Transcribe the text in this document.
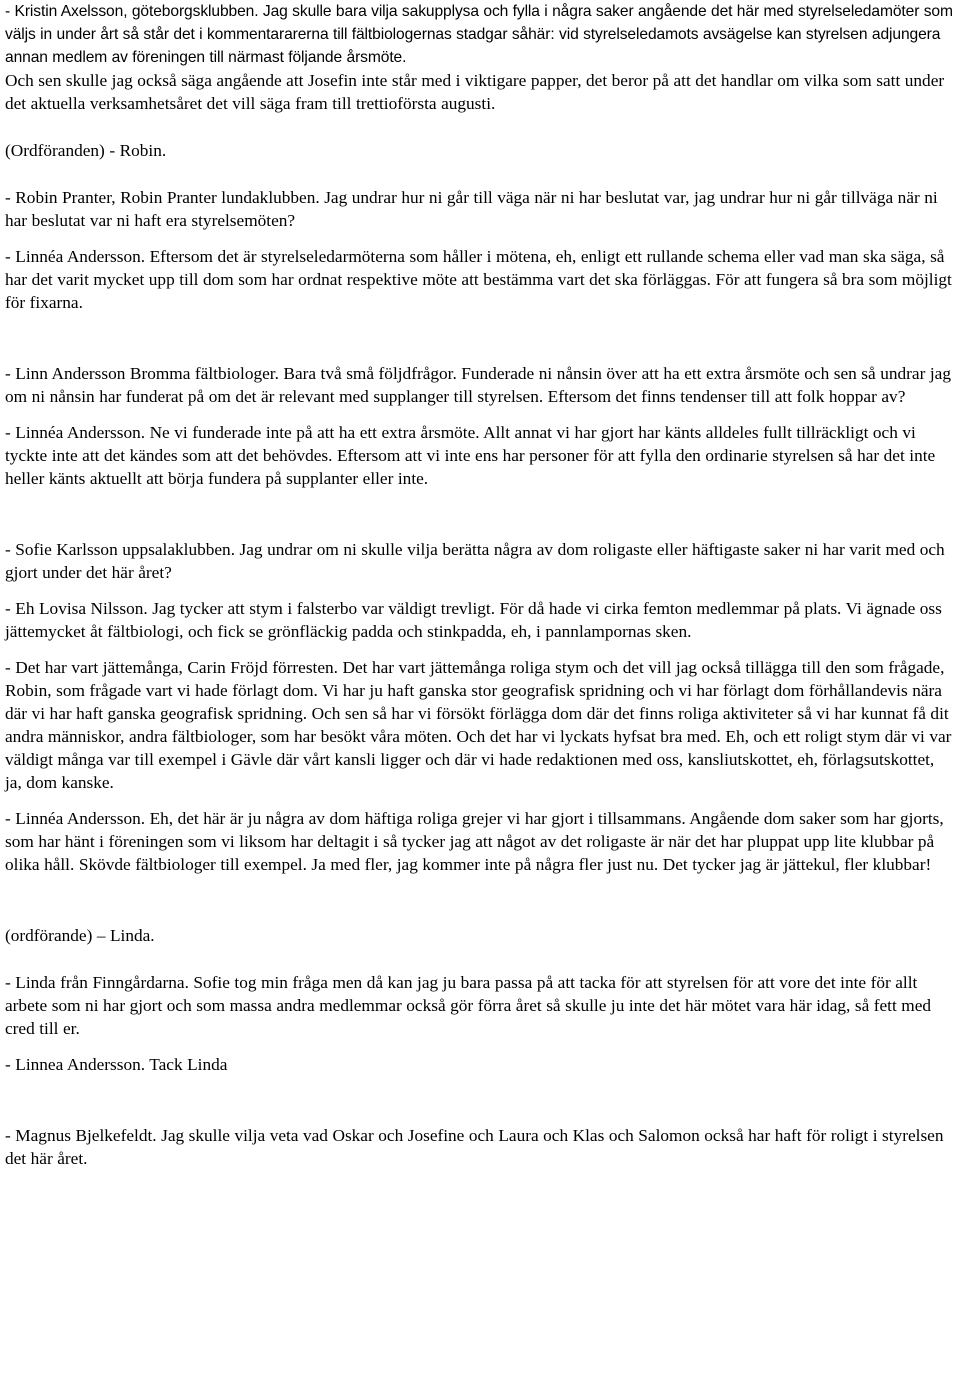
- Kristin Axelsson, göteborgsklubben. Jag skulle bara vilja sakupplysa och fylla i några saker angående det här med styrelseledamöter som väljs in under årt så står det i kommentararerna till fältbiologernas stadgar såhär: vid styrelseledamots avsägelse kan styrelsen adjungera annan medlem av föreningen till närmast följande årsmöte.

Och sen skulle jag också säga angående att Josefin inte står med i viktigare papper, det beror på att det handlar om vilka som satt under det aktuella verksamhetsåret det vill säga fram till trettioförsta augusti.

(Ordföranden) - Robin.

- Robin Pranter, Robin Pranter lundaklubben. Jag undrar hur ni går till väga när ni har beslutat var, jag undrar hur ni går tillväga när ni har beslutat var ni haft era styrelsemöten?

- Linnéa Andersson. Eftersom det är styrelseledarmöterna som håller i mötena, eh, enligt ett rullande schema eller vad man ska säga, så har det varit mycket upp till dom som har ordnat respektive möte att bestämma vart det ska förläggas. För att fungera så bra som möjligt för fixarna.

- Linn Andersson Bromma fältbiologer. Bara två små följdfrågor. Funderade ni nånsin över att ha ett extra årsmöte och sen så undrar jag om ni nånsin har funderat på om det är relevant med supplanger till styrelsen. Eftersom det finns tendenser till att folk hoppar av?

- Linnéa Andersson. Ne vi funderade inte på att ha ett extra årsmöte. Allt annat vi har gjort har känts alldeles fullt tillräckligt och vi tyckte inte att det kändes som att det behövdes. Eftersom att vi inte ens har personer för att fylla den ordinarie styrelsen så har det inte heller känts aktuellt att börja fundera på supplanter eller inte.

- Sofie Karlsson uppsalaklubben. Jag undrar om ni skulle vilja berätta några av dom roligaste eller häftigaste saker ni har varit med och gjort under det här året?

- Eh Lovisa Nilsson. Jag tycker att stym i falsterbo var väldigt trevligt. För då hade vi cirka femton medlemmar på plats. Vi ägnade oss jättemycket åt fältbiologi, och fick se grönfläckig padda och stinkpadda, eh, i pannlampornas sken.

- Det har vart jättemånga, Carin Fröjd förresten. Det har vart jättemånga roliga stym och det vill jag också tillägga till den som frågade, Robin, som frågade vart vi hade förlagt dom. Vi har ju haft ganska stor geografisk spridning och vi har förlagt dom förhållandevis nära där vi har haft ganska geografisk spridning. Och sen så har vi försökt förlägga dom där det finns roliga aktiviteter så vi har kunnat få dit andra människor, andra fältbiologer, som har besökt våra möten. Och det har vi lyckats hyfsat bra med. Eh, och ett roligt stym där vi var väldigt många var till exempel i Gävle där vårt kansli ligger och där vi hade redaktionen med oss, kansliutskottet, eh, förlagsutskottet, ja, dom kanske.

- Linnéa Andersson. Eh, det här är ju några av dom häftiga roliga grejer vi har gjort i tillsammans. Angående dom saker som har gjorts, som har hänt i föreningen som vi liksom har deltagit i så tycker jag att något av det roligaste är när det har pluppat upp lite klubbar på olika håll. Skövde fältbiologer till exempel. Ja med fler, jag kommer inte på några fler just nu. Det tycker jag är jättekul, fler klubbar!

(ordförande) – Linda.

- Linda från Finngårdarna. Sofie tog min fråga men då kan jag ju bara passa på att tacka för att styrelsen för att vore det inte för allt arbete som ni har gjort och som massa andra medlemmar också gör förra året så skulle ju inte det här mötet vara här idag, så fett med cred till er.

- Linnea Andersson. Tack Linda

- Magnus Bjelkefeldt. Jag skulle vilja veta vad Oskar och Josefine och Laura och Klas och Salomon också har haft för roligt i styrelsen det här året.
